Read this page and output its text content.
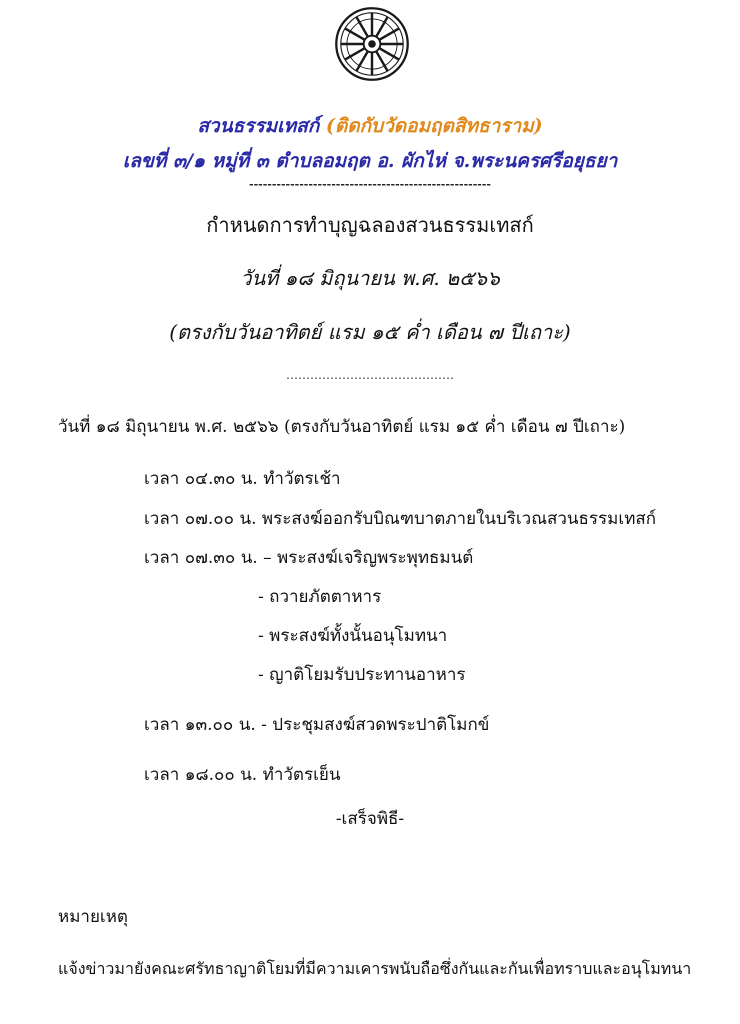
สวนธรรมเทสก์ (ติดกับวัดอมฤตสิทธาราม)
เลขที่ ๓/๑ หมู่ที่ ๓ ตำบลอมฤต อ. ผักไห่ จ.พระนครศรีอยุธยา
-----------------------------------------------------
กำหนดการทำบุญฉลองสวนธรรมเทสก์
วันที่ ๑๘ มิถุนายน พ.ศ. ๒๕๖๖
(ตรงกับวันอาทิตย์ แรม ๑๕ ค่ำ เดือน ๗ ปีเถาะ)
……………………………………
วันที่ ๑๘ มิถุนายน พ.ศ. ๒๕๖๖ (ตรงกับวันอาทิตย์ แรม ๑๕ ค่ำ เดือน ๗ ปีเถาะ)
เวลา ๐๔.๓๐ น. ทำวัตรเช้า
เวลา ๐๗.๐๐ น. พระสงฆ์ออกรับบิณฑบาตภายในบริเวณสวนธรรมเทสก์
เวลา ๐๗.๓๐ น. – พระสงฆ์เจริญพระพุทธมนต์
- ถวายภัตตาหาร
- พระสงฆ์ทั้งนั้นอนุโมทนา
- ญาติโยมรับประทานอาหาร
เวลา ๑๓.๐๐ น. - ประชุมสงฆ์สวดพระปาติโมกข์
เวลา ๑๘.๐๐ น. ทำวัตรเย็น
-เสร็จพิธี-
หมายเหตุ
แจ้งข่าวมายังคณะศรัทธาญาติโยมที่มีความเคารพนับถือซึ่งกันและกันเพื่อทราบและอนุโมทนา
